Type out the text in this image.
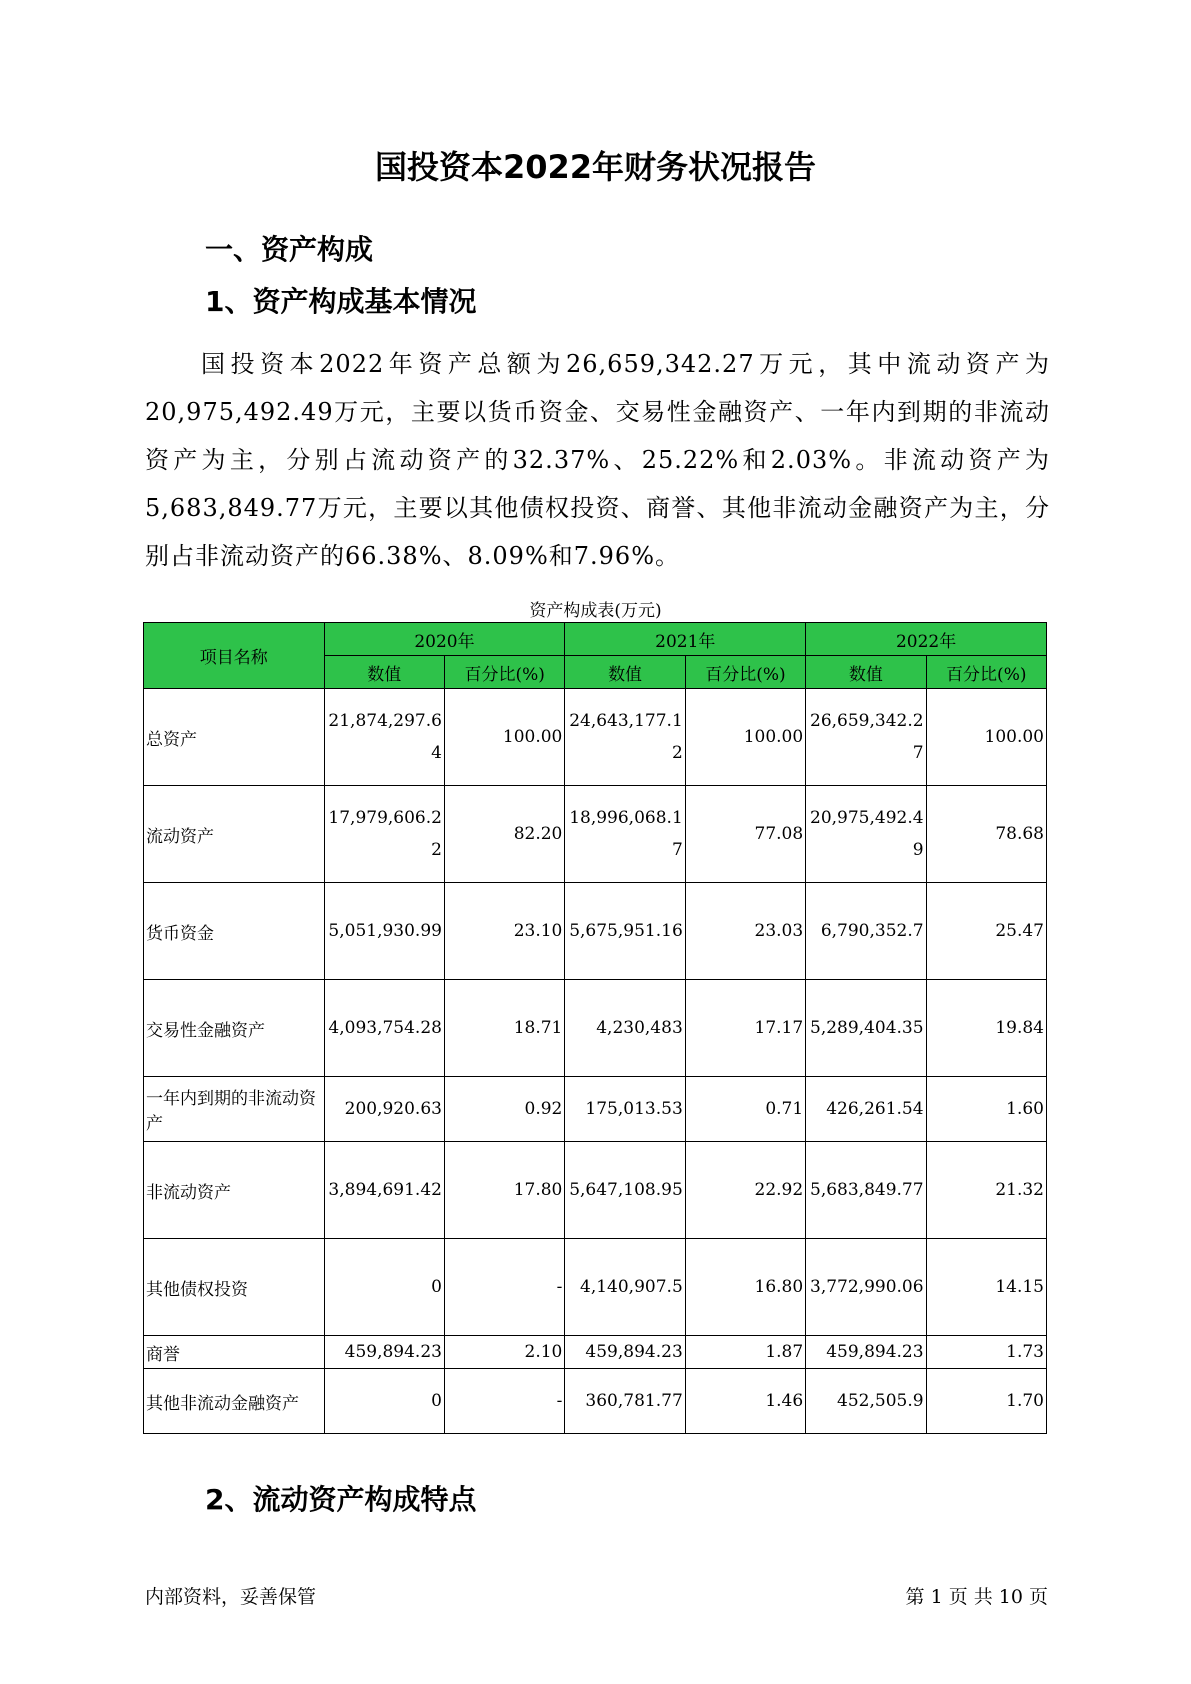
国投资本2022年财务状况报告
一、资产构成
1、资产构成基本情况

国投资本2022年资产总额为26,659,342.27万元，其中流动资产为20,975,492.49万元，主要以货币资金、交易性金融资产、一年内到期的非流动资产为主，分别占流动资产的32.37%、25.22%和2.03%。非流动资产为5,683,849.77万元，主要以其他债权投资、商誉、其他非流动金融资产为主，分别占非流动资产的66.38%、8.09%和7.96%。

资产构成表(万元)

项目名称	2020年		2021年		2022年	
	数值	百分比(%)	数值	百分比(%)	数值	百分比(%)
总资产	21,874,297.64	100.00	24,643,177.12	100.00	26,659,342.27	100.00
流动资产	17,979,606.22	82.20	18,996,068.17	77.08	20,975,492.49	78.68
货币资金	5,051,930.99	23.10	5,675,951.16	23.03	6,790,352.7	25.47
交易性金融资产	4,093,754.28	18.71	4,230,483	17.17	5,289,404.35	19.84
一年内到期的非流动资产	200,920.63	0.92	175,013.53	0.71	426,261.54	1.60
非流动资产	3,894,691.42	17.80	5,647,108.95	22.92	5,683,849.77	21.32
其他债权投资	0	-	4,140,907.5	16.80	3,772,990.06	14.15
商誉	459,894.23	2.10	459,894.23	1.87	459,894.23	1.73
其他非流动金融资产	0	-	360,781.77	1.46	452,505.9	1.70
2、流动资产构成特点

内部资料，妥善保管	第 1 页 共 10 页
